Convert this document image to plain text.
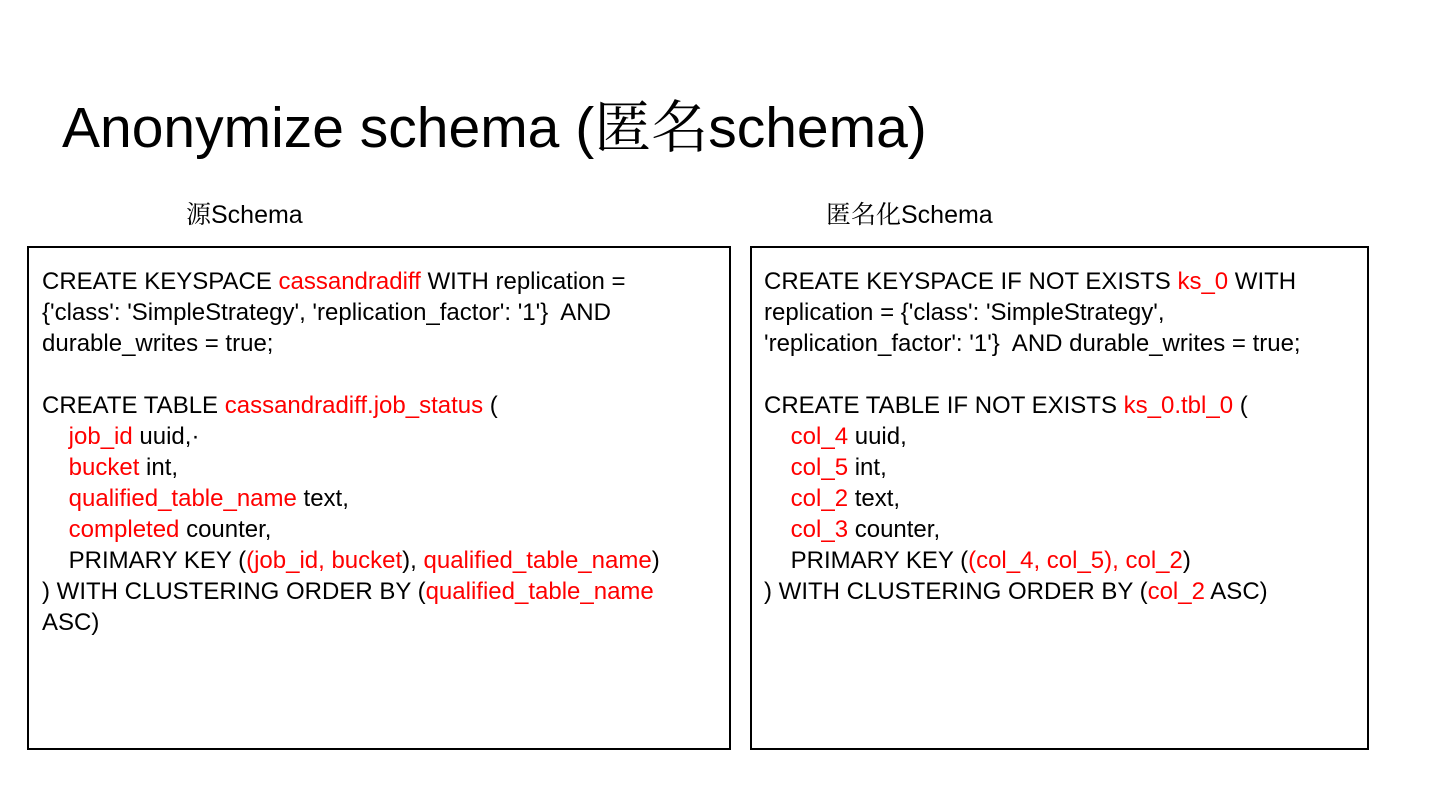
Anonymize schema (匿名schema)
源Schema	匿名化Schema
CREATE KEYSPACE cassandradiff WITH replication =
{'class': 'SimpleStrategy', 'replication_factor': '1'}  AND
durable_writes = true;

CREATE TABLE cassandradiff.job_status (
job_id uuid,·
bucket int,
qualified_table_name text,
completed counter,
PRIMARY KEY ((job_id, bucket), qualified_table_name)
) WITH CLUSTERING ORDER BY (qualified_table_name
ASC)
CREATE KEYSPACE IF NOT EXISTS ks_0 WITH
replication = {'class': 'SimpleStrategy',
'replication_factor': '1'}  AND durable_writes = true;

CREATE TABLE IF NOT EXISTS ks_0.tbl_0 (
col_4 uuid,
col_5 int,
col_2 text,
col_3 counter,
PRIMARY KEY ((col_4, col_5), col_2)
) WITH CLUSTERING ORDER BY (col_2 ASC)
